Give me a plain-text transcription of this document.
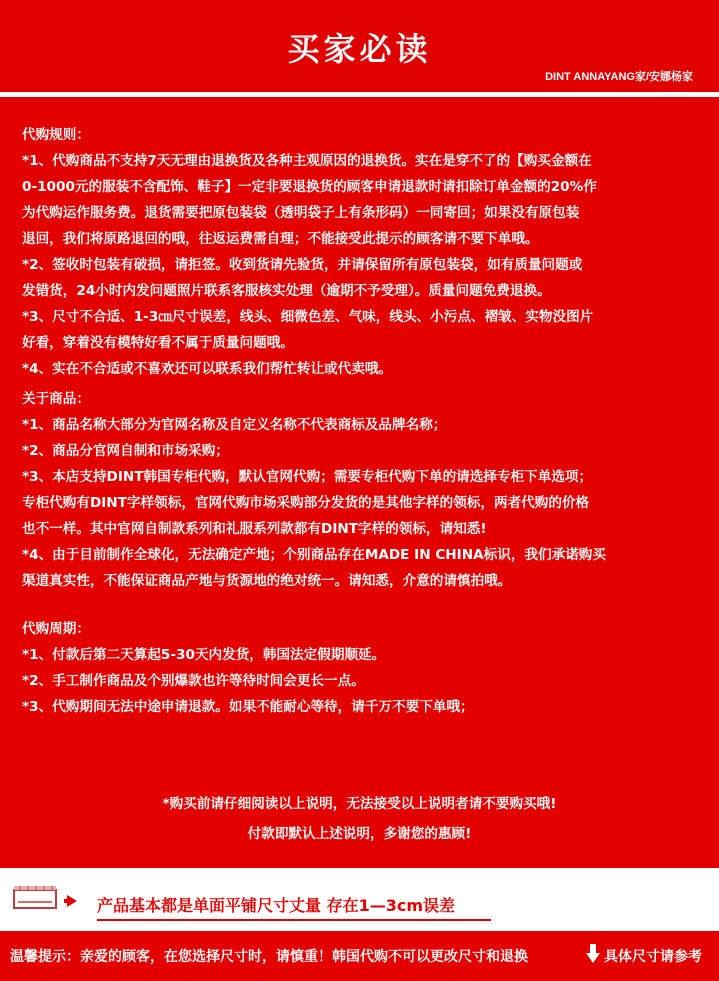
买家必读
DINT ANNAYANG家/安娜杨家

代购规则：

*1、代购商品不支持7天无理由退换货及各种主观原因的退换货。实在是穿不了的【购买金额在

0-1000元的服装不含配饰、鞋子】一定非要退换货的顾客申请退款时请扣除订单金额的20%作

为代购运作服务费。退货需要把原包装袋（透明袋子上有条形码）一同寄回；如果没有原包装

退回，我们将原路退回的哦，往返运费需自理；不能接受此提示的顾客请不要下单哦。

*2、签收时包装有破损，请拒签。收到货请先验货，并请保留所有原包装袋，如有质量问题或

发错货，24小时内发问题照片联系客服核实处理（逾期不予受理）。质量问题免费退换。

*3、尺寸不合适、1-3㎝尺寸误差，线头、细微色差、气味，线头、小污点、褶皱、实物没图片

好看，穿着没有模特好看不属于质量问题哦。

*4、实在不合适或不喜欢还可以联系我们帮忙转让或代卖哦。

关于商品：

*1、商品名称大部分为官网名称及自定义名称不代表商标及品牌名称；

*2、商品分官网自制和市场采购；

*3、本店支持DINT韩国专柜代购，默认官网代购；需要专柜代购下单的请选择专柜下单选项；

专柜代购有DINT字样领标，官网代购市场采购部分发货的是其他字样的领标，两者代购的价格

也不一样。其中官网自制款系列和礼服系列款都有DINT字样的领标，请知悉!

*4、由于目前制作全球化，无法确定产地；个别商品存在MADE IN CHINA标识，我们承诺购买

渠道真实性，不能保证商品产地与货源地的绝对统一。请知悉，介意的请慎拍哦。

代购周期：

*1、付款后第二天算起5-30天内发货，韩国法定假期顺延。

*2、手工制作商品及个别爆款也许等待时间会更长一点。

*3、代购期间无法中途申请退款。如果不能耐心等待，请千万不要下单哦；

*购买前请仔细阅读以上说明，无法接受以上说明者请不要购买哦!
付款即默认上述说明，多谢您的惠顾!
产品基本都是单面平铺尺寸丈量 存在1—3cm误差
温馨提示：亲爱的顾客，在您选择尺寸时，请慎重！韩国代购不可以更改尺寸和退换	具体尺寸请参考
